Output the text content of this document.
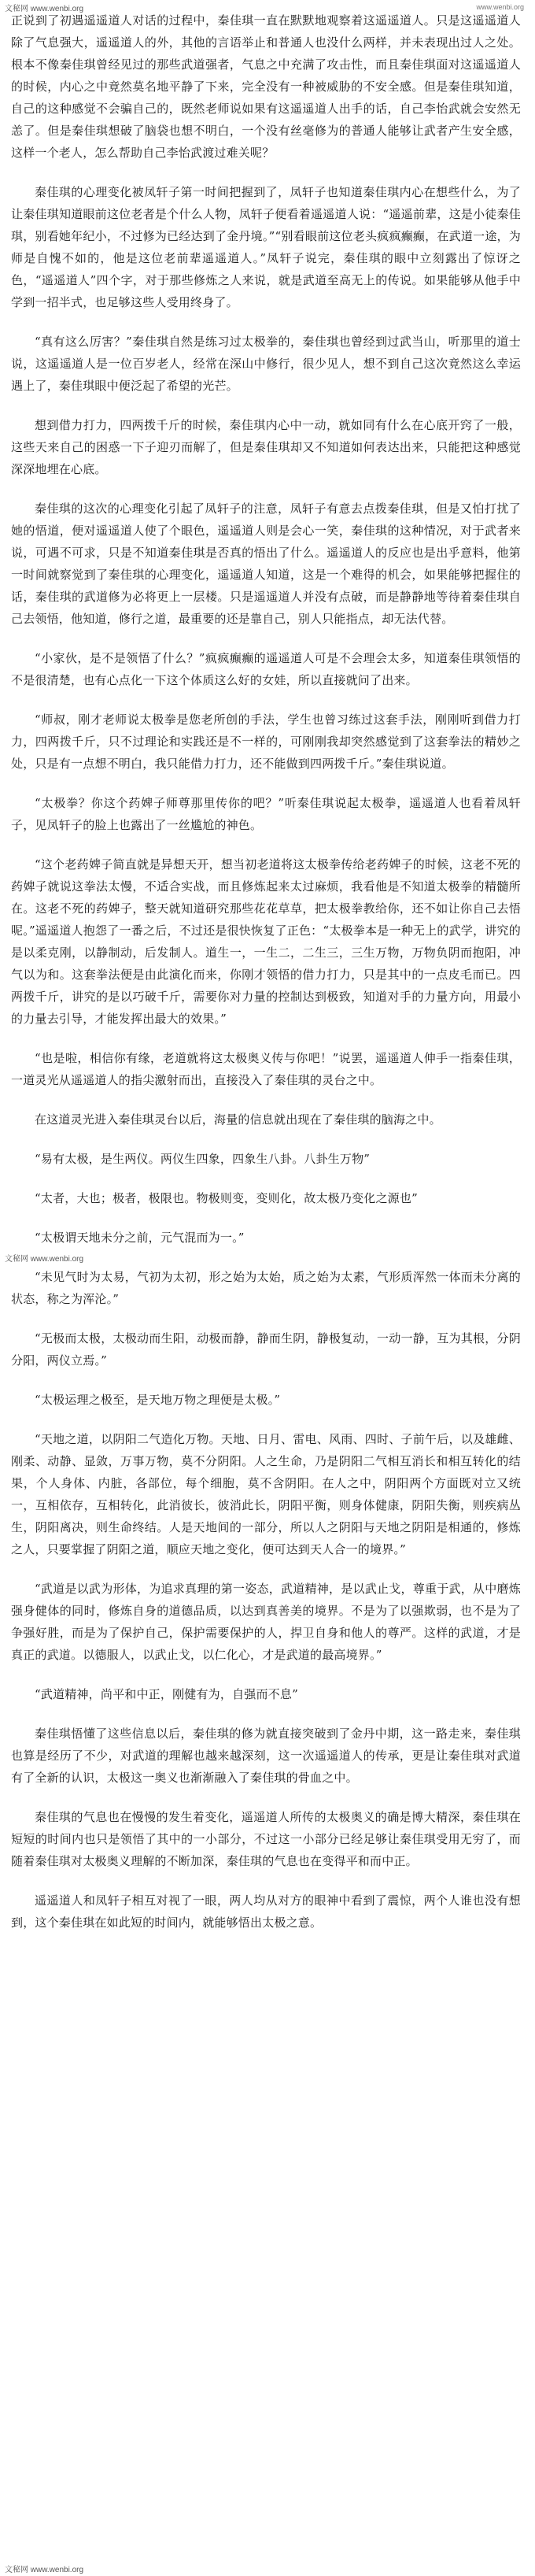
文秘网 www.wenbi.org	www.wenbi.org

正说到了初遇遥遥道人对话的过程中，秦佳琪一直在默默地观察着这遥遥道人。只是这遥遥道人除了气息强大，遥遥道人的外，其他的言语举止和普通人也没什么两样，并未表现出过人之处。根本不像秦佳琪曾经见过的那些武道强者，气息之中充满了攻击性，而且秦佳琪面对这遥遥道人的时候，内心之中竟然莫名地平静了下来，完全没有一种被威胁的不安全感。但是秦佳琪知道，自己的这种感觉不会骗自己的，既然老师说如果有这遥遥道人出手的话，自己李怡武就会安然无恙了。但是秦佳琪想破了脑袋也想不明白，一个没有丝毫修为的普通人能够让武者产生安全感，这样一个老人，怎么帮助自己李怡武渡过难关呢？

秦佳琪的心理变化被凤轩子第一时间把握到了，凤轩子也知道秦佳琪内心在想些什么，为了让秦佳琪知道眼前这位老者是个什么人物，凤轩子便看着遥遥道人说：“遥遥前辈，这是小徒秦佳琪，别看她年纪小，不过修为已经达到了金丹境。”“别看眼前这位老头疯疯癫癫，在武道一途，为师是自愧不如的，他是这位老前辈遥遥道人。”凤轩子说完，秦佳琪的眼中立刻露出了惊讶之色，“遥遥道人”四个字，对于那些修炼之人来说，就是武道至高无上的传说。如果能够从他手中学到一招半式，也足够这些人受用终身了。

“真有这么厉害？”秦佳琪自然是练习过太极拳的，秦佳琪也曾经到过武当山，听那里的道士说，这遥遥道人是一位百岁老人，经常在深山中修行，很少见人，想不到自己这次竟然这么幸运遇上了，秦佳琪眼中便泛起了希望的光芒。

想到借力打力，四两拨千斤的时候，秦佳琪内心中一动，就如同有什么在心底开窍了一般，这些天来自己的困惑一下子迎刃而解了，但是秦佳琪却又不知道如何表达出来，只能把这种感觉深深地埋在心底。

秦佳琪的这次的心理变化引起了凤轩子的注意，凤轩子有意去点拨秦佳琪，但是又怕打扰了她的悟道，便对遥遥道人使了个眼色，遥遥道人则是会心一笑，秦佳琪的这种情况，对于武者来说，可遇不可求，只是不知道秦佳琪是否真的悟出了什么。遥遥道人的反应也是出乎意料，他第一时间就察觉到了秦佳琪的心理变化，遥遥道人知道，这是一个难得的机会，如果能够把握住的话，秦佳琪的武道修为必将更上一层楼。只是遥遥道人并没有点破，而是静静地等待着秦佳琪自己去领悟，他知道，修行之道，最重要的还是靠自己，别人只能指点，却无法代替。

“小家伙，是不是领悟了什么？”疯疯癫癫的遥遥道人可是不会理会太多，知道秦佳琪领悟的不是很清楚，也有心点化一下这个体质这么好的女娃，所以直接就问了出来。

“师叔，刚才老师说太极拳是您老所创的手法，学生也曾习练过这套手法，刚刚听到借力打力，四两拨千斤，只不过理论和实践还是不一样的，可刚刚我却突然感觉到了这套拳法的精妙之处，只是有一点想不明白，我只能借力打力，还不能做到四两拨千斤。”秦佳琪说道。

“太极拳？你这个药婢子师尊那里传你的吧？”听秦佳琪说起太极拳，遥遥道人也看着凤轩子，见凤轩子的脸上也露出了一丝尴尬的神色。

“这个老药婢子简直就是异想天开，想当初老道将这太极拳传给老药婢子的时候，这老不死的药婢子就说这拳法太慢，不适合实战，而且修炼起来太过麻烦，我看他是不知道太极拳的精髓所在。这老不死的药婢子，整天就知道研究那些花花草草，把太极拳教给你，还不如让你自己去悟呢。”遥遥道人抱怨了一番之后，不过还是很快恢复了正色：“太极拳本是一种无上的武学，讲究的是以柔克刚，以静制动，后发制人。道生一，一生二，二生三，三生万物，万物负阴而抱阳，冲气以为和。这套拳法便是由此演化而来，你刚才领悟的借力打力，只是其中的一点皮毛而已。四两拨千斤，讲究的是以巧破千斤，需要你对力量的控制达到极致，知道对手的力量方向，用最小的力量去引导，才能发挥出最大的效果。”

“也是啦，相信你有缘，老道就将这太极奥义传与你吧！”说罢，遥遥道人伸手一指秦佳琪，一道灵光从遥遥道人的指尖激射而出，直接没入了秦佳琪的灵台之中。

在这道灵光进入秦佳琪灵台以后，海量的信息就出现在了秦佳琪的脑海之中。

“易有太极，是生两仪。两仪生四象，四象生八卦。八卦生万物”

“太者，大也；极者，极限也。物极则变，变则化，故太极乃变化之源也”

“太极谓天地未分之前，元气混而为一。”

“未见气时为太易，气初为太初，形之始为太始，质之始为太素，气形质浑然一体而未分离的状态，称之为浑沦。”

“无极而太极，太极动而生阳，动极而静，静而生阴，静极复动，一动一静，互为其根，分阴分阳，两仪立焉。”

“太极运理之极至，是天地万物之理便是太极。”

“天地之道，以阴阳二气造化万物。天地、日月、雷电、风雨、四时、子前午后，以及雄雌、刚柔、动静、显敛，万事万物，莫不分阴阳。人之生命，乃是阴阳二气相互消长和相互转化的结果，个人身体、内脏，各部位，每个细胞，莫不含阴阳。在人之中，阴阳两个方面既对立又统一，互相依存，互相转化，此消彼长，彼消此长，阴阳平衡，则身体健康，阴阳失衡，则疾病丛生，阴阳离决，则生命终结。人是天地间的一部分，所以人之阴阳与天地之阴阳是相通的，修炼之人，只要掌握了阴阳之道，顺应天地之变化，便可达到天人合一的境界。”

“武道是以武为形体，为追求真理的第一姿态，武道精神，是以武止戈，尊重于武，从中磨炼强身健体的同时，修炼自身的道德品质，以达到真善美的境界。不是为了以强欺弱，也不是为了争强好胜，而是为了保护自己，保护需要保护的人，捍卫自身和他人的尊严。这样的武道，才是真正的武道。以德服人，以武止戈，以仁化心，才是武道的最高境界。”

“武道精神，尚平和中正，刚健有为，自强而不息”

秦佳琪悟懂了这些信息以后，秦佳琪的修为就直接突破到了金丹中期，这一路走来，秦佳琪也算是经历了不少，对武道的理解也越来越深刻，这一次遥遥道人的传承，更是让秦佳琪对武道有了全新的认识，太极这一奥义也渐渐融入了秦佳琪的骨血之中。

秦佳琪的气息也在慢慢的发生着变化，遥遥道人所传的太极奥义的确是博大精深，秦佳琪在短短的时间内也只是领悟了其中的一小部分，不过这一小部分已经足够让秦佳琪受用无穷了，而随着秦佳琪对太极奥义理解的不断加深，秦佳琪的气息也在变得平和而中正。

遥遥道人和凤轩子相互对视了一眼，两人均从对方的眼神中看到了震惊，两个人谁也没有想到，这个秦佳琪在如此短的时间内，就能够悟出太极之意。

文秘网 www.wenbi.org
文秘网 www.wenbi.org
